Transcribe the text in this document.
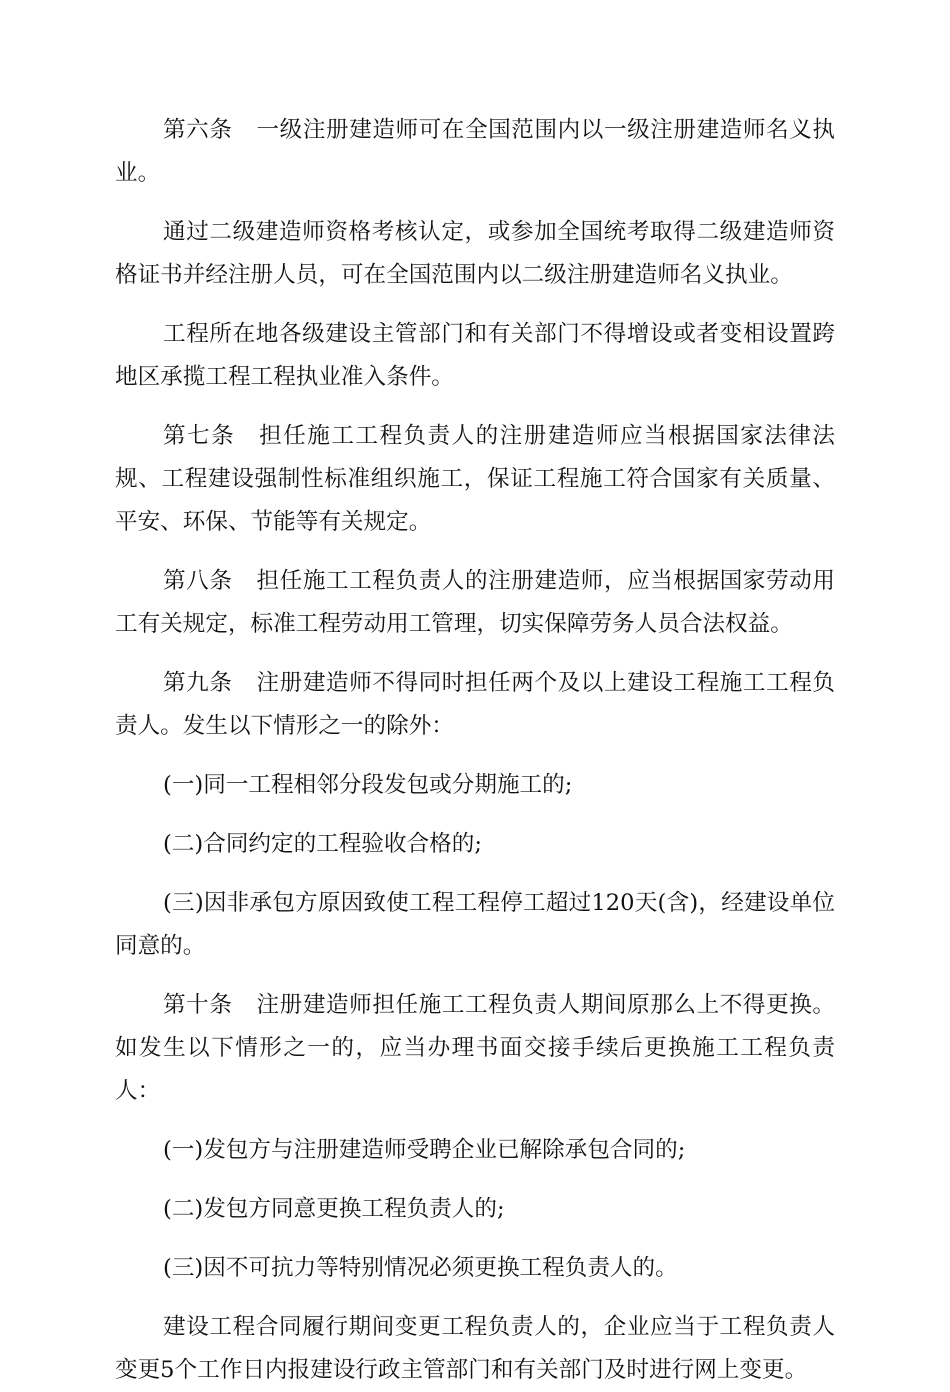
第六条 一级注册建造师可在全国范围内以一级注册建造师名义执业。

通过二级建造师资格考核认定，或参加全国统考取得二级建造师资格证书并经注册人员，可在全国范围内以二级注册建造师名义执业。

工程所在地各级建设主管部门和有关部门不得增设或者变相设置跨地区承揽工程工程执业准入条件。

第七条 担任施工工程负责人的注册建造师应当根据国家法律法规、工程建设强制性标准组织施工，保证工程施工符合国家有关质量、平安、环保、节能等有关规定。

第八条 担任施工工程负责人的注册建造师，应当根据国家劳动用工有关规定，标准工程劳动用工管理，切实保障劳务人员合法权益。

第九条 注册建造师不得同时担任两个及以上建设工程施工工程负责人。发生以下情形之一的除外：

(一)同一工程相邻分段发包或分期施工的;

(二)合同约定的工程验收合格的;

(三)因非承包方原因致使工程工程停工超过120天(含)，经建设单位同意的。

第十条 注册建造师担任施工工程负责人期间原那么上不得更换。如发生以下情形之一的，应当办理书面交接手续后更换施工工程负责人：

(一)发包方与注册建造师受聘企业已解除承包合同的;

(二)发包方同意更换工程负责人的;

(三)因不可抗力等特别情况必须更换工程负责人的。

建设工程合同履行期间变更工程负责人的，企业应当于工程负责人变更5个工作日内报建设行政主管部门和有关部门及时进行网上变更。
